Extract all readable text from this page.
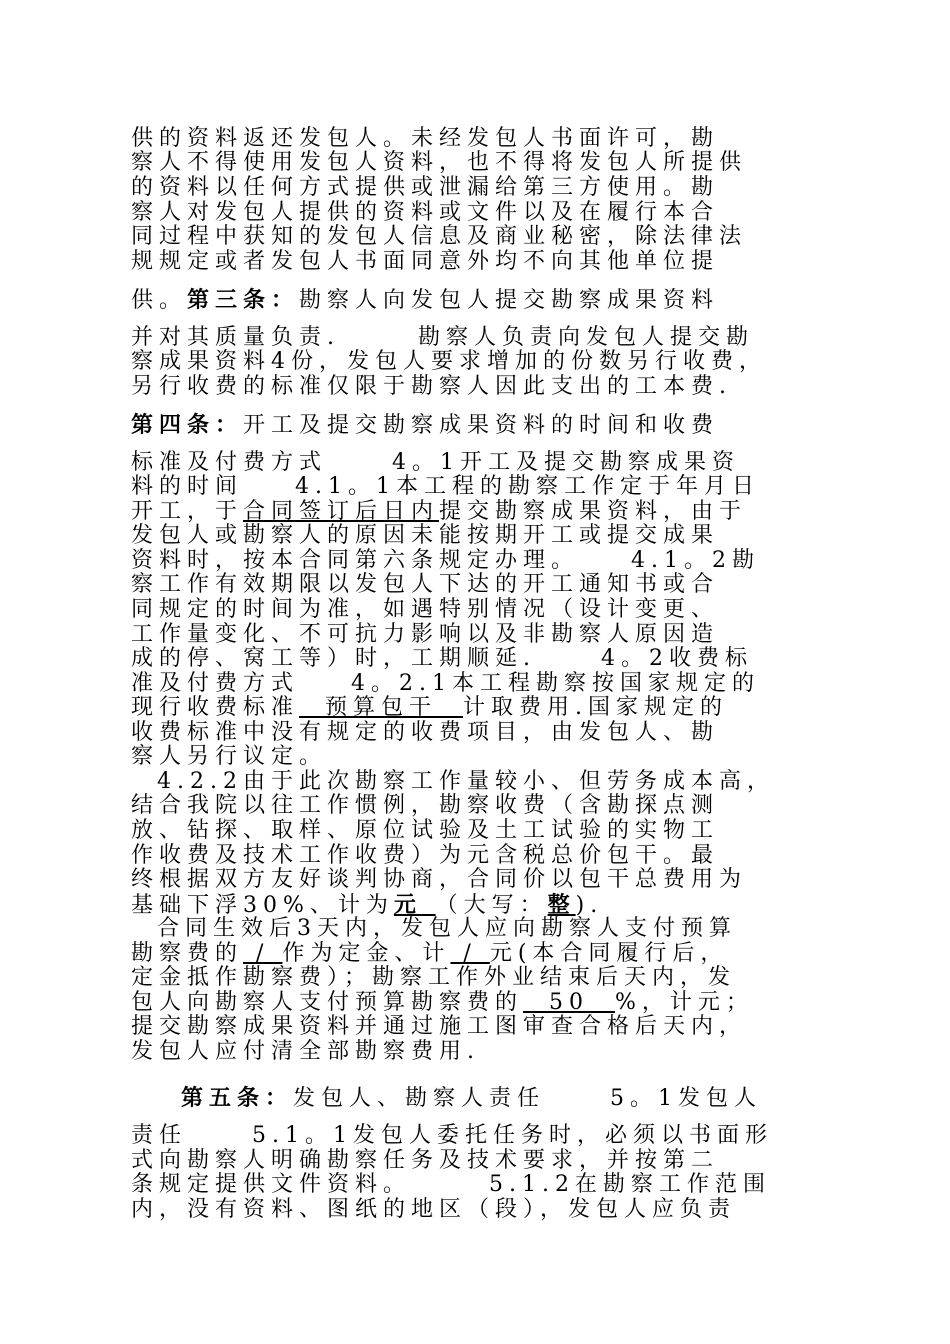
供的资料返还发包人。未经发包人书面许可，勘
察人不得使用发包人资料，也不得将发包人所提供
的资料以任何方式提供或泄漏给第三方使用。勘
察人对发包人提供的资料或文件以及在履行本合
同过程中获知的发包人信息及商业秘密，除法律法
规规定或者发包人书面同意外均不向其他单位提
供。第三条：勘察人向发包人提交勘察成果资料
并对其质量负责.      勘察人负责向发包人提交勘
察成果资料4份，发包人要求增加的份数另行收费，
另行收费的标准仅限于勘察人因此支出的工本费.
第四条：开工及提交勘察成果资料的时间和收费
标准及付费方式     4。1开工及提交勘察成果资
料的时间    4.1。1本工程的勘察工作定于年月日
开工，于合同签订后日内提交勘察成果资料，由于
发包人或勘察人的原因未能按期开工或提交成果
资料时，按本合同第六条规定办理。    4.1。2勘
察工作有效期限以发包人下达的开工通知书或合
同规定的时间为准，如遇特别情况（设计变更、
工作量变化、不可抗力影响以及非勘察人原因造
成的停、窝工等）时，工期顺延.     4。2收费标
准及付费方式    4。2.1本工程勘察按国家规定的
现行收费标准  预算包干  计取费用.国家规定的
收费标准中没有规定的收费项目，由发包人、勘
察人另行议定。
4.2.2由于此次勘察工作量较小、但劳务成本高，
结合我院以往工作惯例，勘察收费（含勘探点测
放、钻探、取样、原位试验及土工试验的实物工
作收费及技术工作收费）为元含税总价包干。最
终根据双方友好谈判协商，合同价以包干总费用为
基础下浮30%、计为元 （大写：整).
合同生效后3天内，发包人应向勘察人支付预算
勘察费的 / 作为定金、计 / 元(本合同履行后，
定金抵作勘察费）；勘察工作外业结束后天内，发
包人向勘察人支付预算勘察费的  50  %，计元；
提交勘察成果资料并通过施工图审查合格后天内，
发包人应付清全部勘察费用.
第五条：发包人、勘察人责任     5。1发包人
责任     5.1。1发包人委托任务时，必须以书面形
式向勘察人明确勘察任务及技术要求，并按第二
条规定提供文件资料。      5.1.2在勘察工作范围
内，没有资料、图纸的地区（段），发包人应负责
